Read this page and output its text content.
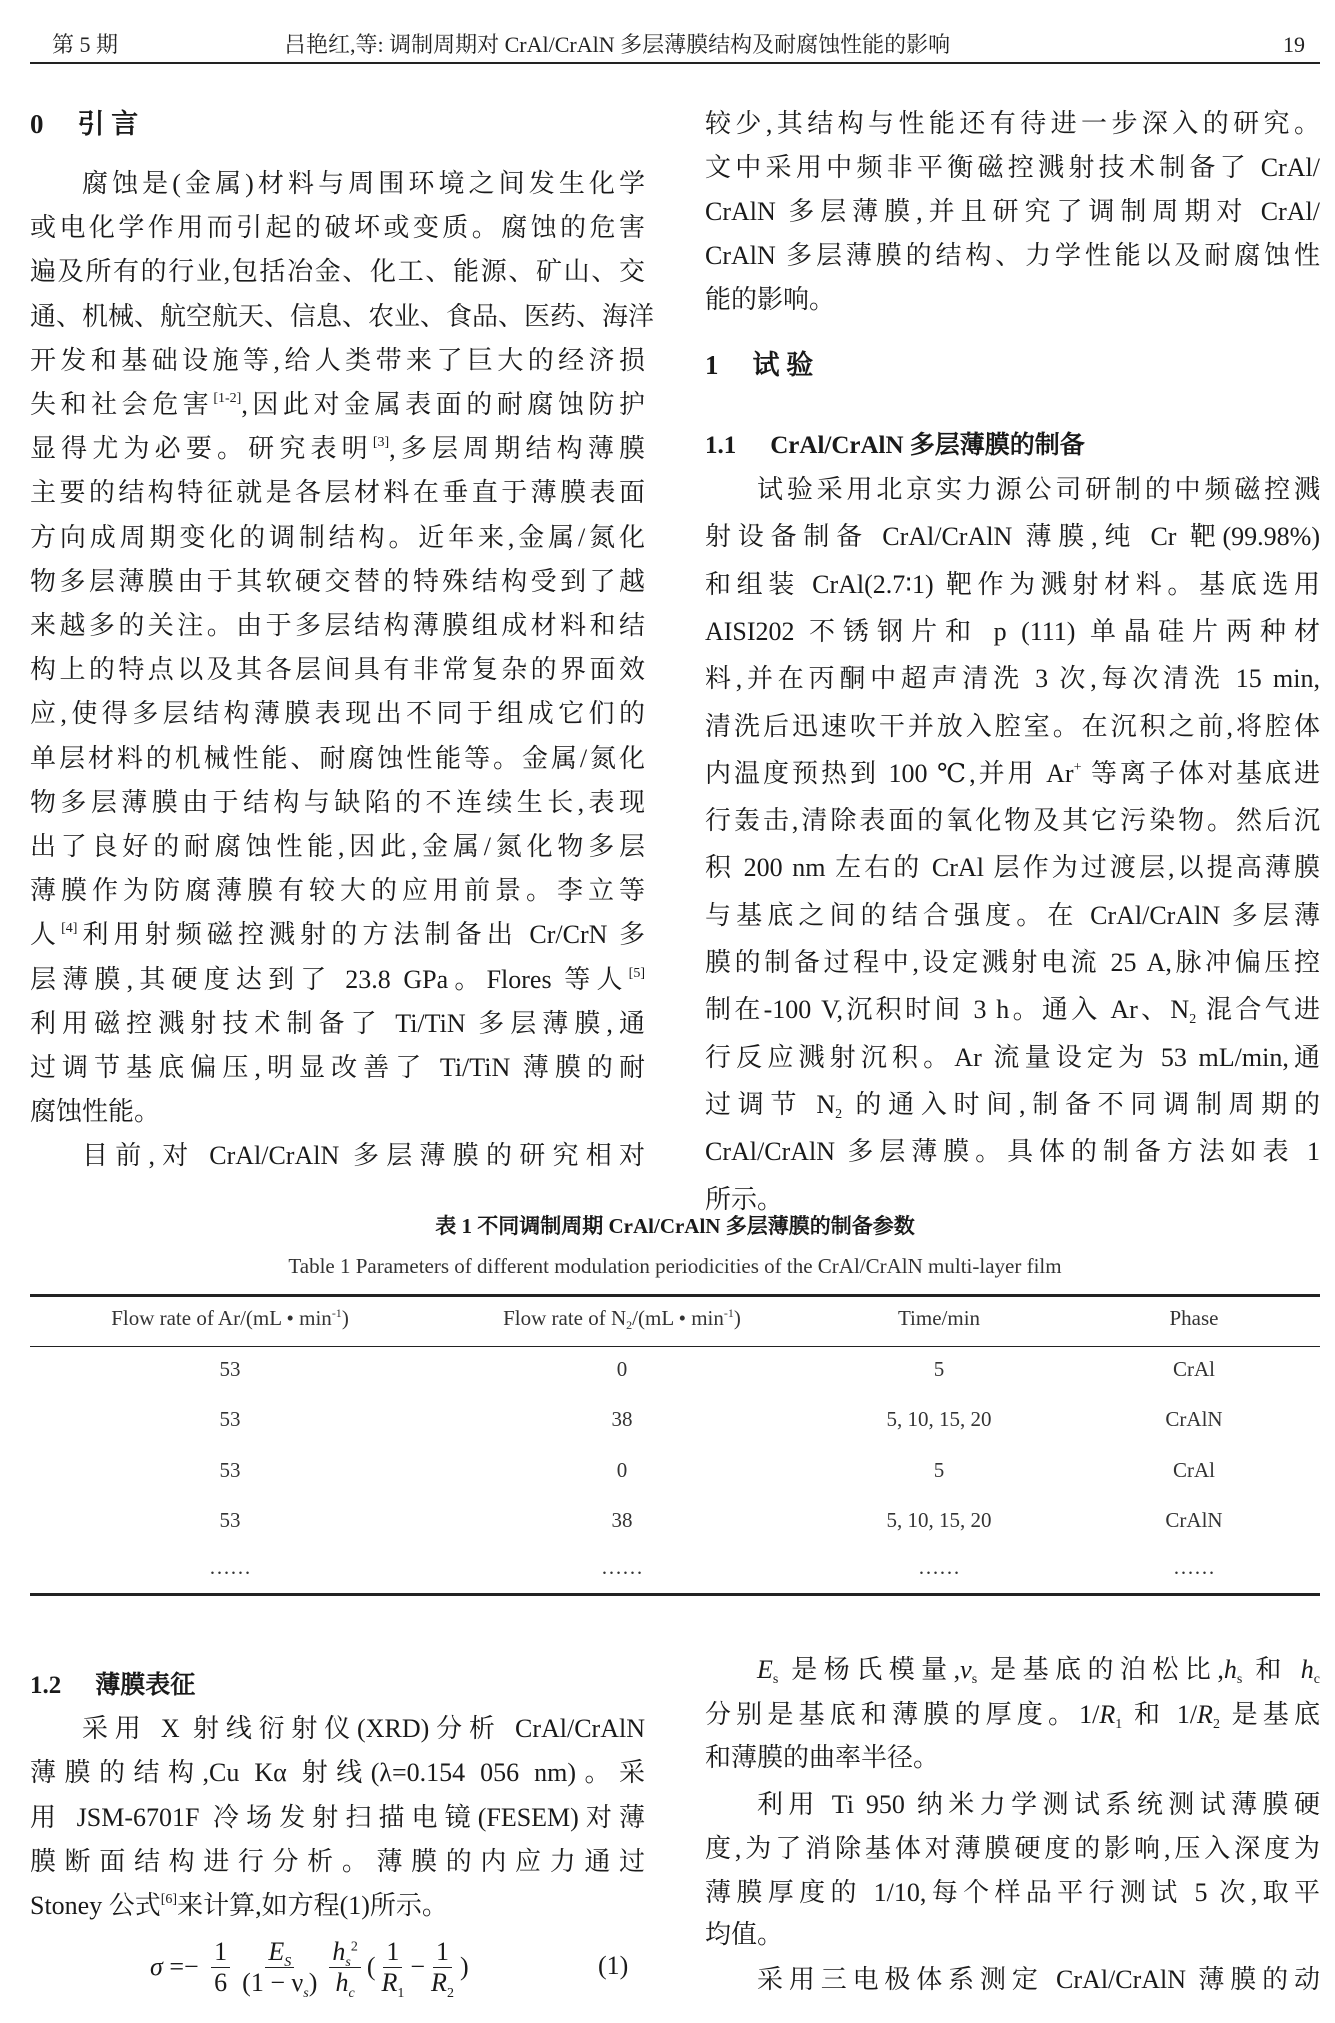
第 5 期	吕艳红,等: 调制周期对 CrAl/CrAlN 多层薄膜结构及耐腐蚀性能的影响	19
0 引 言
1 试 验
1.1 CrAl/CrAlN 多层薄膜的制备
1.2 薄膜表征
腐蚀是(金属)材料与周围环境之间发生化学
或电化学作用而引起的破坏或变质。腐蚀的危害
遍及所有的行业,包括冶金、化工、能源、矿山、交
通、机械、航空航天、信息、农业、食品、医药、海洋
开发和基础设施等,给人类带来了巨大的经济损
失和社会危害[1-2],因此对金属表面的耐腐蚀防护
显得尤为必要。研究表明[3],多层周期结构薄膜
主要的结构特征就是各层材料在垂直于薄膜表面
方向成周期变化的调制结构。近年来,金属/氮化
物多层薄膜由于其软硬交替的特殊结构受到了越
来越多的关注。由于多层结构薄膜组成材料和结
构上的特点以及其各层间具有非常复杂的界面效
应,使得多层结构薄膜表现出不同于组成它们的
单层材料的机械性能、耐腐蚀性能等。金属/氮化
物多层薄膜由于结构与缺陷的不连续生长,表现
出了良好的耐腐蚀性能,因此,金属/氮化物多层
薄膜作为防腐薄膜有较大的应用前景。李立等
人[4]利用射频磁控溅射的方法制备出 Cr/CrN 多
层薄膜,其硬度达到了 23.8 GPa。Flores 等人[5]
利用磁控溅射技术制备了 Ti/TiN 多层薄膜,通
过调节基底偏压,明显改善了 Ti/TiN 薄膜的耐
腐蚀性能。
目前,对 CrAl/CrAlN 多层薄膜的研究相对
较少,其结构与性能还有待进一步深入的研究。
文中采用中频非平衡磁控溅射技术制备了 CrAl/
CrAlN 多层薄膜,并且研究了调制周期对 CrAl/
CrAlN 多层薄膜的结构、力学性能以及耐腐蚀性
能的影响。
试验采用北京实力源公司研制的中频磁控溅
射设备制备 CrAl/CrAlN 薄膜,纯 Cr 靶(99.98%)
和组装 CrAl(2.7∶1) 靶作为溅射材料。基底选用
AISI202 不锈钢片和 p (111) 单晶硅片两种材
料,并在丙酮中超声清洗 3 次,每次清洗 15 min,
清洗后迅速吹干并放入腔室。在沉积之前,将腔体
内温度预热到 100 ℃,并用 Ar+ 等离子体对基底进
行轰击,清除表面的氧化物及其它污染物。然后沉
积 200 nm 左右的 CrAl 层作为过渡层,以提高薄膜
与基底之间的结合强度。在 CrAl/CrAlN 多层薄
膜的制备过程中,设定溅射电流 25 A,脉冲偏压控
制在-100 V,沉积时间 3 h。通入 Ar、$N_2$ 混合气进
行反应溅射沉积。Ar 流量设定为 53 mL/min,通
过调节 $N_2$ 的通入时间,制备不同调制周期的
CrAl/CrAlN 多层薄膜。具体的制备方法如表 1
所示。
采用 X 射线衍射仪(XRD)分析 CrAl/CrAlN
薄膜的结构,Cu Kα 射线(λ=0.154 056 nm)。采
用 JSM-6701F 冷场发射扫描电镜(FESEM)对薄
膜断面结构进行分析。薄膜的内应力通过
Stoney 公式[6]来计算,如方程(1)所示。
$E_s$ 是杨氏模量$,\nu_s$ 是基底的泊松比$,h_s$ 和 $h_c$
分别是基底和薄膜的厚度。$1/R_1$ 和 $1/R_2$ 是基底
和薄膜的曲率半径。
利用 Ti 950 纳米力学测试系统测试薄膜硬
度,为了消除基体对薄膜硬度的影响,压入深度为
薄膜厚度的 1/10,每个样品平行测试 5 次,取平
均值。
采用三电极体系测定 CrAl/CrAlN 薄膜的动
表 1 不同调制周期 CrAl/CrAlN 多层薄膜的制备参数
Table 1 Parameters of different modulation periodicities of the CrAl/CrAlN multi-layer film
Flow rate of Ar/(mL • $\min^{-1}$)	Flow rate of $N_2/(mL$ • $\min^{-1}$)	Time/min	Phase
53	0	5	CrAl
53	38	5, 10, 15, 20	CrAlN
53	0	5	CrAl
53	38	5, 10, 15, 20	CrAlN
……	……	……	……
$\sigma =- \frac{1}{6} \frac{E_S}{(1 - \nu_s)} \frac{h_s^2}{h_c}$ ( $\frac{1}{R_1} - \frac{1}{R_2}$ )	(1)
